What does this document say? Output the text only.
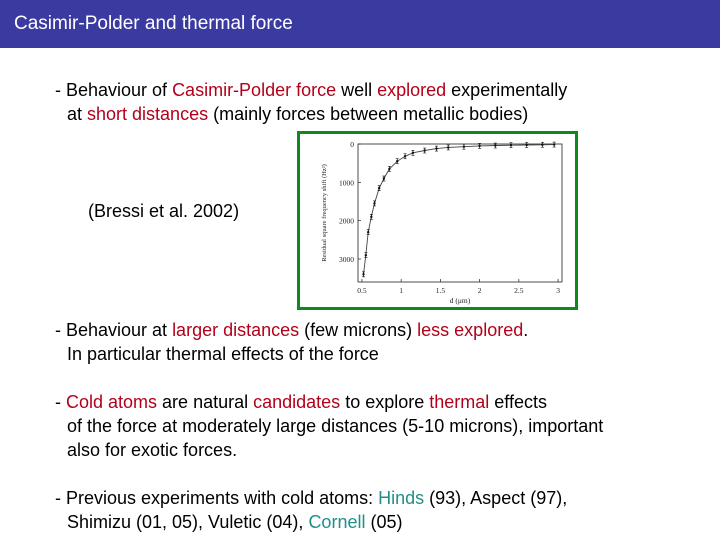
Casimir-Polder and thermal force
- Behaviour of Casimir-Polder force well explored experimentally
at short distances (mainly forces between metallic bodies)
(Bressi et al. 2002)
0.5	1	1.5	2	2.5	3
0
1000
2000
3000
d (μm)
Residual square frequency shift (Hz²)
- Behaviour at larger distances (few microns) less explored.
In particular thermal effects of the force
- Cold atoms are natural candidates to explore thermal effects
of the force at moderately large distances (5-10 microns), important
also for exotic forces.
- Previous experiments with cold atoms: Hinds (93), Aspect (97),
Shimizu (01, 05), Vuletic (04), Cornell (05)
